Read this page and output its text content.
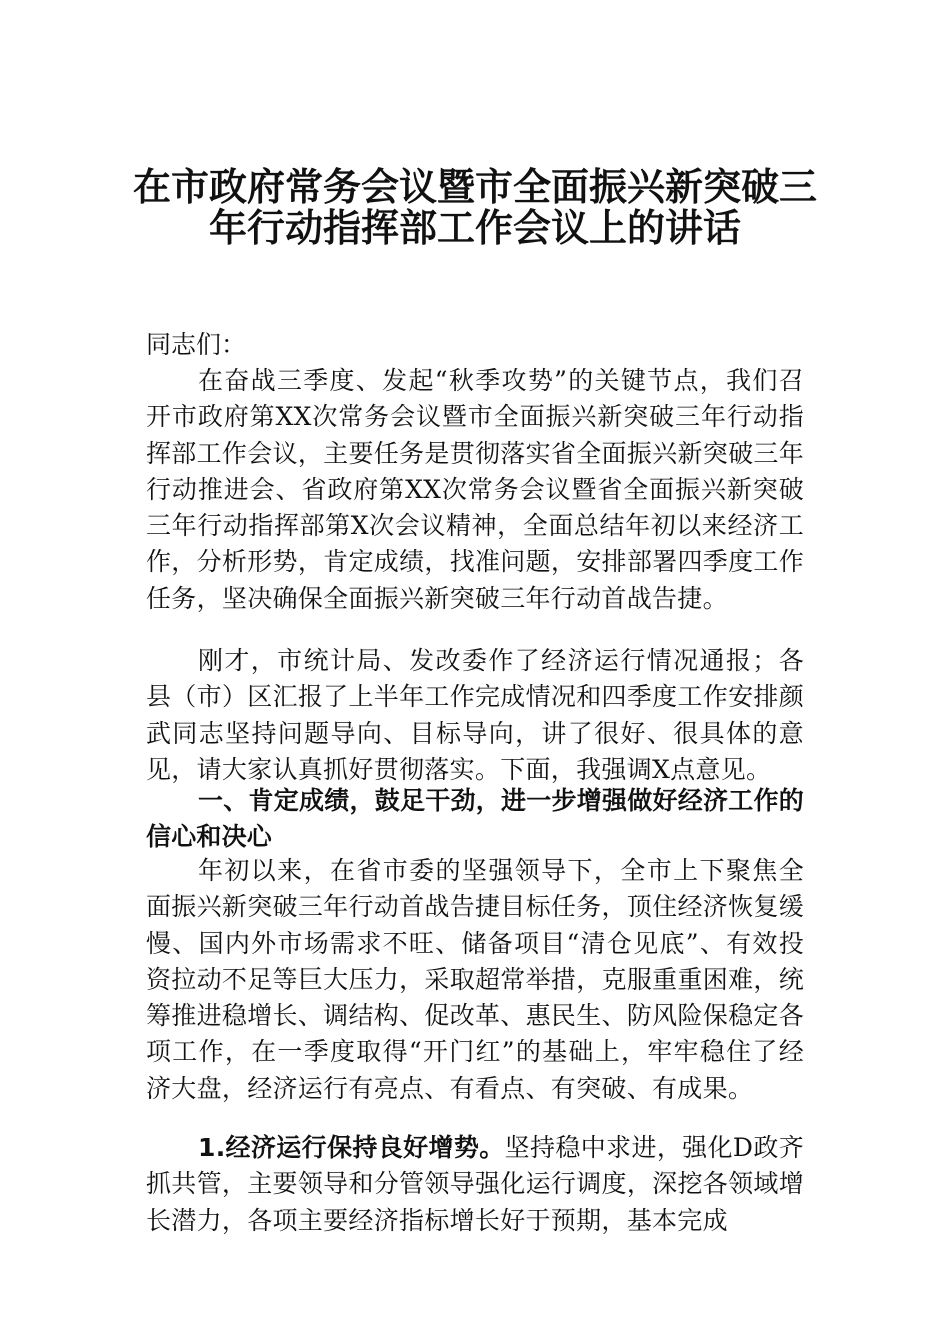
在市政府常务会议暨市全面振兴新突破三
年行动指挥部工作会议上的讲话
同志们：
在奋战三季度、发起“秋季攻势”的关键节点，我们召开市政府第XX次常务会议暨市全面振兴新突破三年行动指挥部工作会议，主要任务是贯彻落实省全面振兴新突破三年行动推进会、省政府第XX次常务会议暨省全面振兴新突破三年行动指挥部第X次会议精神，全面总结年初以来经济工作，分析形势，肯定成绩，找准问题，安排部署四季度工作任务，坚决确保全面振兴新突破三年行动首战告捷。
刚才，市统计局、发改委作了经济运行情况通报；各县（市）区汇报了上半年工作完成情况和四季度工作安排颜武同志坚持问题导向、目标导向，讲了很好、很具体的意见，请大家认真抓好贯彻落实。下面，我强调X点意见。
一、肯定成绩，鼓足干劲，进一步增强做好经济工作的信心和决心
年初以来，在省市委的坚强领导下，全市上下聚焦全面振兴新突破三年行动首战告捷目标任务，顶住经济恢复缓慢、国内外市场需求不旺、储备项目“清仓见底”、有效投资拉动不足等巨大压力，采取超常举措，克服重重困难，统筹推进稳增长、调结构、促改革、惠民生、防风险保稳定各项工作，在一季度取得“开门红”的基础上，牢牢稳住了经济大盘，经济运行有亮点、有看点、有突破、有成果。
1.经济运行保持良好增势。坚持稳中求进，强化D政齐抓共管，主要领导和分管领导强化运行调度，深挖各领域增长潜力，各项主要经济指标增长好于预期，基本完成
